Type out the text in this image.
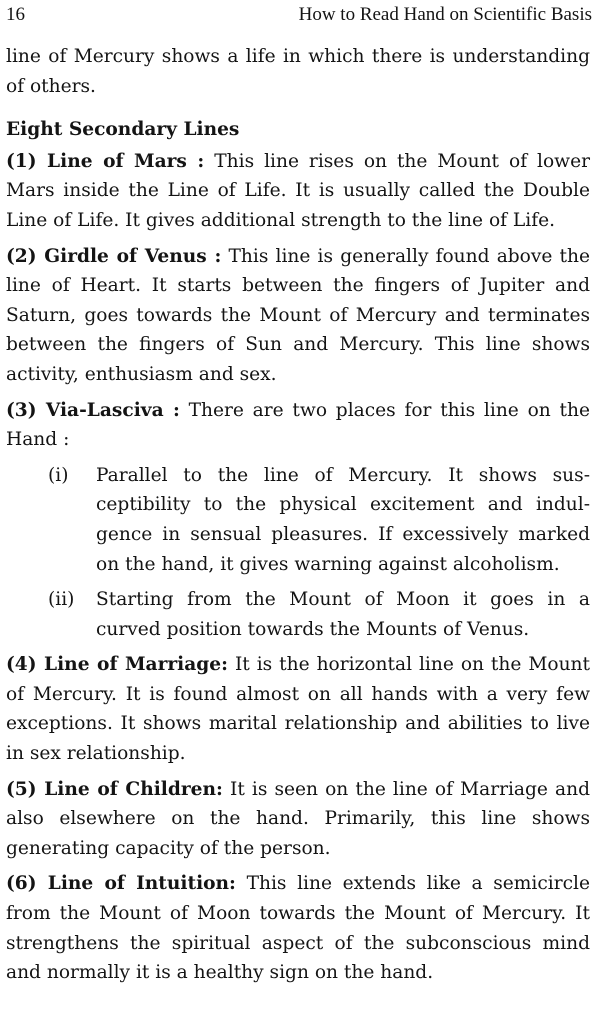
16	How to Read Hand on Scientific Basis

line of Mercury shows a life in which there is understanding of others.

Eight Secondary Lines

(1) Line of Mars : This line rises on the Mount of lower Mars inside the Line of Life. It is usually called the Double Line of Life. It gives additional strength to the line of Life.

(2) Girdle of Venus : This line is generally found above the line of Heart. It starts between the fingers of Jupiter and Saturn, goes towards the Mount of Mercury and terminates between the fingers of Sun and Mercury. This line shows activity, enthusiasm and sex.

(3) Via-Lasciva : There are two places for this line on the Hand :

(i) Parallel to the line of Mercury. It shows susceptibility to the physical excitement and indulgence in sensual pleasures. If excessively marked on the hand, it gives warning against alcoholism.
(ii) Starting from the Mount of Moon it goes in a curved position towards the Mounts of Venus.

(4) Line of Marriage: It is the horizontal line on the Mount of Mercury. It is found almost on all hands with a very few exceptions. It shows marital relationship and abilities to live in sex relationship.

(5) Line of Children: It is seen on the line of Marriage and also elsewhere on the hand. Primarily, this line shows generating capacity of the person.

(6) Line of Intuition: This line extends like a semicircle from the Mount of Moon towards the Mount of Mercury. It strengthens the spiritual aspect of the subconscious mind and normally it is a healthy sign on the hand.
